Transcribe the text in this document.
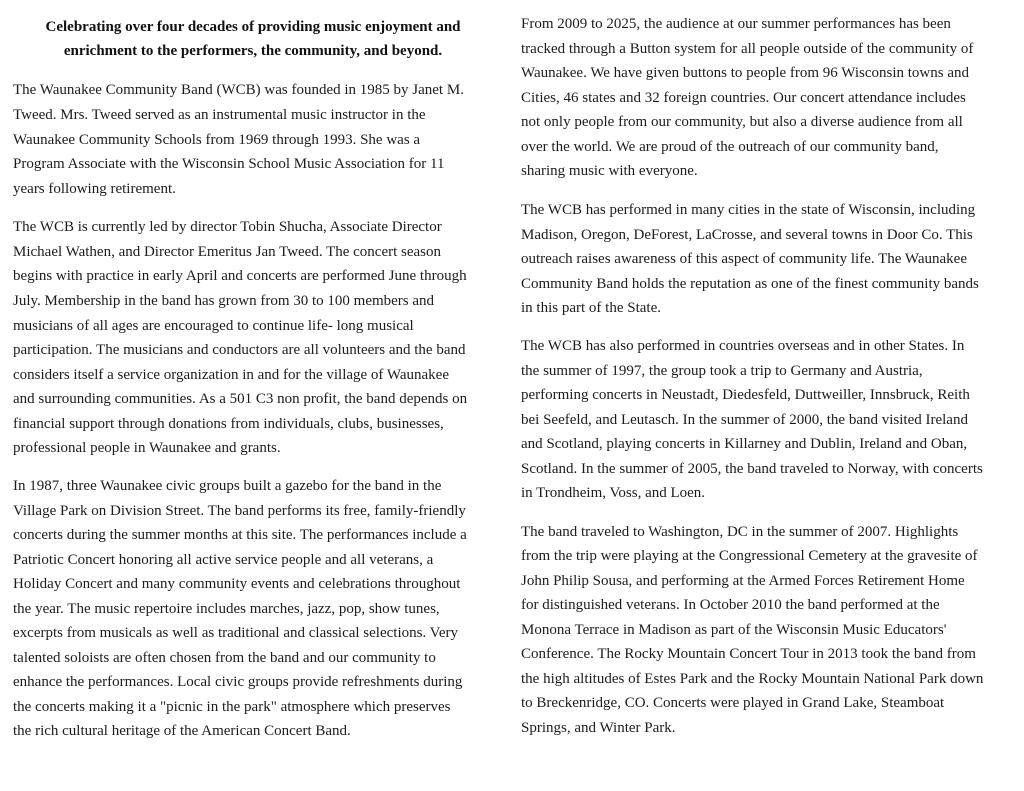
Celebrating over four decades of providing music enjoyment and
enrichment to the performers, the community, and beyond.
The Waunakee Community Band (WCB) was founded in 1985 by Janet M.
Tweed. Mrs. Tweed served as an instrumental music instructor in the
Waunakee Community Schools from 1969 through 1993. She was a
Program Associate with the Wisconsin School Music Association for 11
years following retirement.
The WCB is currently led by director Tobin Shucha, Associate Director
Michael Wathen, and Director Emeritus Jan Tweed. The concert season
begins with practice in early April and concerts are performed June through
July. Membership in the band has grown from 30 to 100 members and
musicians of all ages are encouraged to continue life- long musical
participation. The musicians and conductors are all volunteers and the band
considers itself a service organization in and for the village of Waunakee
and surrounding communities. As a 501 C3 non profit, the band depends on
financial support through donations from individuals, clubs, businesses,
professional people in Waunakee and grants.
In 1987, three Waunakee civic groups built a gazebo for the band in the
Village Park on Division Street. The band performs its free, family-friendly
concerts during the summer months at this site. The performances include a
Patriotic Concert honoring all active service people and all veterans, a
Holiday Concert and many community events and celebrations throughout
the year. The music repertoire includes marches, jazz, pop, show tunes,
excerpts from musicals as well as traditional and classical selections. Very
talented soloists are often chosen from the band and our community to
enhance the performances. Local civic groups provide refreshments during
the concerts making it a "picnic in the park" atmosphere which preserves
the rich cultural heritage of the American Concert Band.
From 2009 to 2025, the audience at our summer performances has been
tracked through a Button system for all people outside of the community of
Waunakee. We have given buttons to people from 96 Wisconsin towns and
Cities, 46 states and 32 foreign countries. Our concert attendance includes
not only people from our community, but also a diverse audience from all
over the world. We are proud of the outreach of our community band,
sharing music with everyone.
The WCB has performed in many cities in the state of Wisconsin, including
Madison, Oregon, DeForest, LaCrosse, and several towns in Door Co. This
outreach raises awareness of this aspect of community life. The Waunakee
Community Band holds the reputation as one of the finest community bands
in this part of the State.
The WCB has also performed in countries overseas and in other States. In
the summer of 1997, the group took a trip to Germany and Austria,
performing concerts in Neustadt, Diedesfeld, Duttweiller, Innsbruck, Reith
bei Seefeld, and Leutasch. In the summer of 2000, the band visited Ireland
and Scotland, playing concerts in Killarney and Dublin, Ireland and Oban,
Scotland. In the summer of 2005, the band traveled to Norway, with concerts
in Trondheim, Voss, and Loen.
The band traveled to Washington, DC in the summer of 2007. Highlights
from the trip were playing at the Congressional Cemetery at the gravesite of
John Philip Sousa, and performing at the Armed Forces Retirement Home
for distinguished veterans. In October 2010 the band performed at the
Monona Terrace in Madison as part of the Wisconsin Music Educators'
Conference. The Rocky Mountain Concert Tour in 2013 took the band from
the high altitudes of Estes Park and the Rocky Mountain National Park down
to Breckenridge, CO. Concerts were played in Grand Lake, Steamboat
Springs, and Winter Park.
